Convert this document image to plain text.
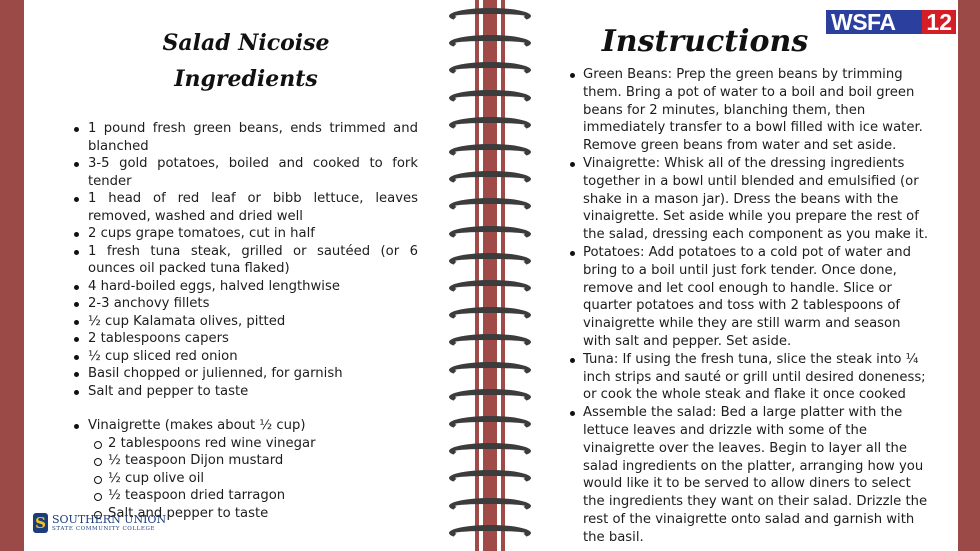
Salad Nicoise
Ingredients
1 pound fresh green beans, ends trimmed and blanched
3-5 gold potatoes, boiled and cooked to fork tender
1 head of red leaf or bibb lettuce, leaves removed, washed and dried well
2 cups grape tomatoes, cut in half
1 fresh tuna steak, grilled or sautéed (or 6 ounces oil packed tuna flaked)
4 hard-boiled eggs, halved lengthwise
2-3 anchovy fillets
½ cup Kalamata olives, pitted
2 tablespoons capers
½ cup sliced red onion
Basil chopped or julienned, for garnish
Salt and pepper to taste
Vinaigrette (makes about ½ cup)
2 tablespoons red wine vinegar
½ teaspoon Dijon mustard
½ cup olive oil
½ teaspoon dried tarragon
Salt and pepper to taste
Instructions
Green Beans: Prep the green beans by trimming them. Bring a pot of water to a boil and boil green beans for 2 minutes, blanching them, then immediately transfer to a bowl filled with ice water. Remove green beans from water and set aside.
Vinaigrette: Whisk all of the dressing ingredients together in a bowl until blended and emulsified (or shake in a mason jar). Dress the beans with the vinaigrette. Set aside while you prepare the rest of the salad, dressing each component as you make it.
Potatoes: Add potatoes to a cold pot of water and bring to a boil until just fork tender. Once done, remove and let cool enough to handle. Slice or quarter potatoes and toss with 2 tablespoons of vinaigrette while they are still warm and season with salt and pepper. Set aside.
Tuna: If using the fresh tuna, slice the steak into ¼ inch strips and sauté or grill until desired doneness; or cook the whole steak and flake it once cooked
Assemble the salad: Bed a large platter with the lettuce leaves and drizzle with some of the vinaigrette over the leaves. Begin to layer all the salad ingredients on the platter, arranging how you would like it to be served to allow diners to select the ingredients they want on their salad. Drizzle the rest of the vinaigrette onto salad and garnish with the basil.
WSFA	12
S SOUTHERN UNION
STATE COMMUNITY COLLEGE
